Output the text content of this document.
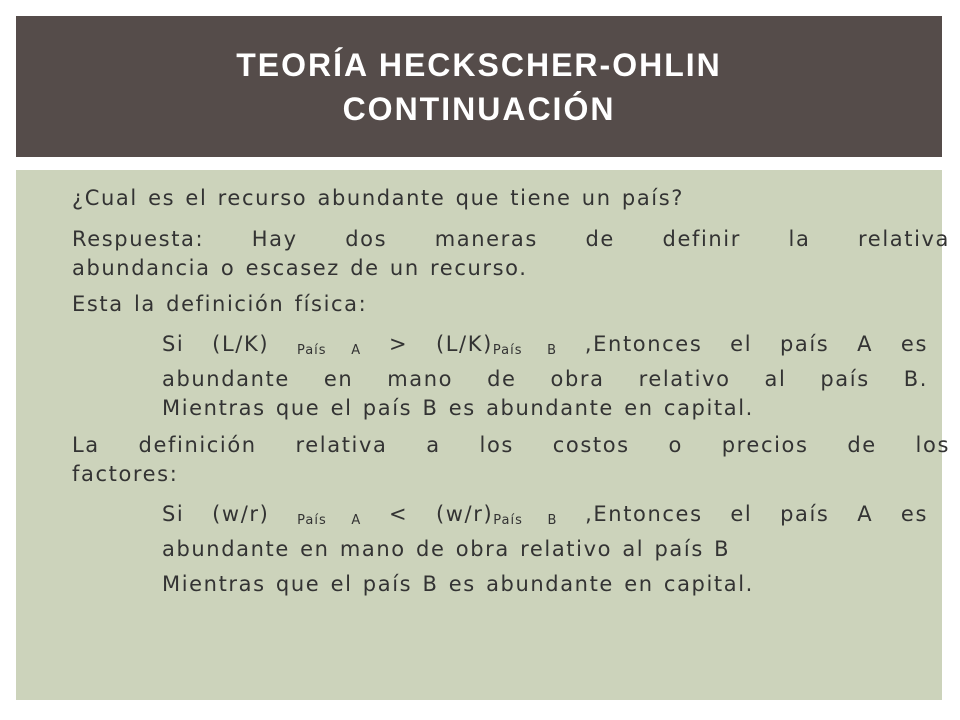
TEORÍA HECKSCHER-OHLIN
CONTINUACIÓN

¿Cual es el recurso abundante que tiene un país?

Respuesta: Hay dos maneras de definir la relativa
abundancia o escasez de un recurso.

Esta la definición física:

Si (L/K) $_{País A} > (L/K)_{País B}$ ,Entonces el país A es
abundante en mano de obra relativo al país B.
Mientras que el país B es abundante en capital.

La definición relativa a los costos o precios de los
factores:

Si (w/r) $_{País A} < (w/r)_{País B}$ ,Entonces el país A es
abundante en mano de obra relativo al país B
Mientras que el país B es abundante en capital.
